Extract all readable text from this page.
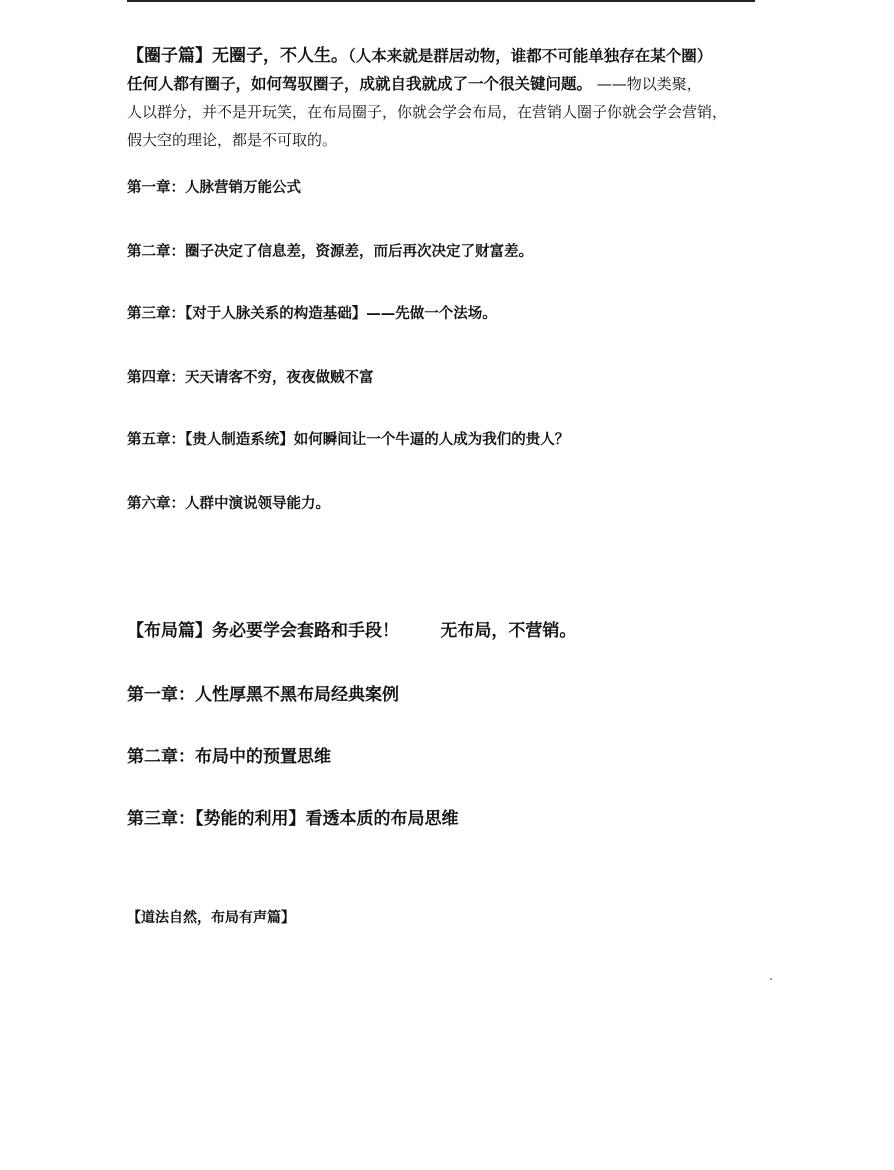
【圈子篇】无圈子，不人生。（人本来就是群居动物，谁都不可能单独存在某个圈）

任何人都有圈子，如何驾驭圈子，成就自我就成了一个很关键问题。 ——物以类聚，

人以群分，并不是开玩笑，在布局圈子，你就会学会布局，在营销人圈子你就会学会营销，

假大空的理论，都是不可取的。

第一章：人脉营销万能公式

第二章：圈子决定了信息差，资源差，而后再次决定了财富差。

第三章：【对于人脉关系的构造基础】——先做一个法场。

第四章：天天请客不穷，夜夜做贼不富

第五章：【贵人制造系统】如何瞬间让一个牛逼的人成为我们的贵人？

第六章：人群中演说领导能力。

【布局篇】务必要学会套路和手段！       无布局，不营销。

第一章：人性厚黑不黑布局经典案例

第二章：布局中的预置思维

第三章：【势能的利用】看透本质的布局思维

【道法自然，布局有声篇】
